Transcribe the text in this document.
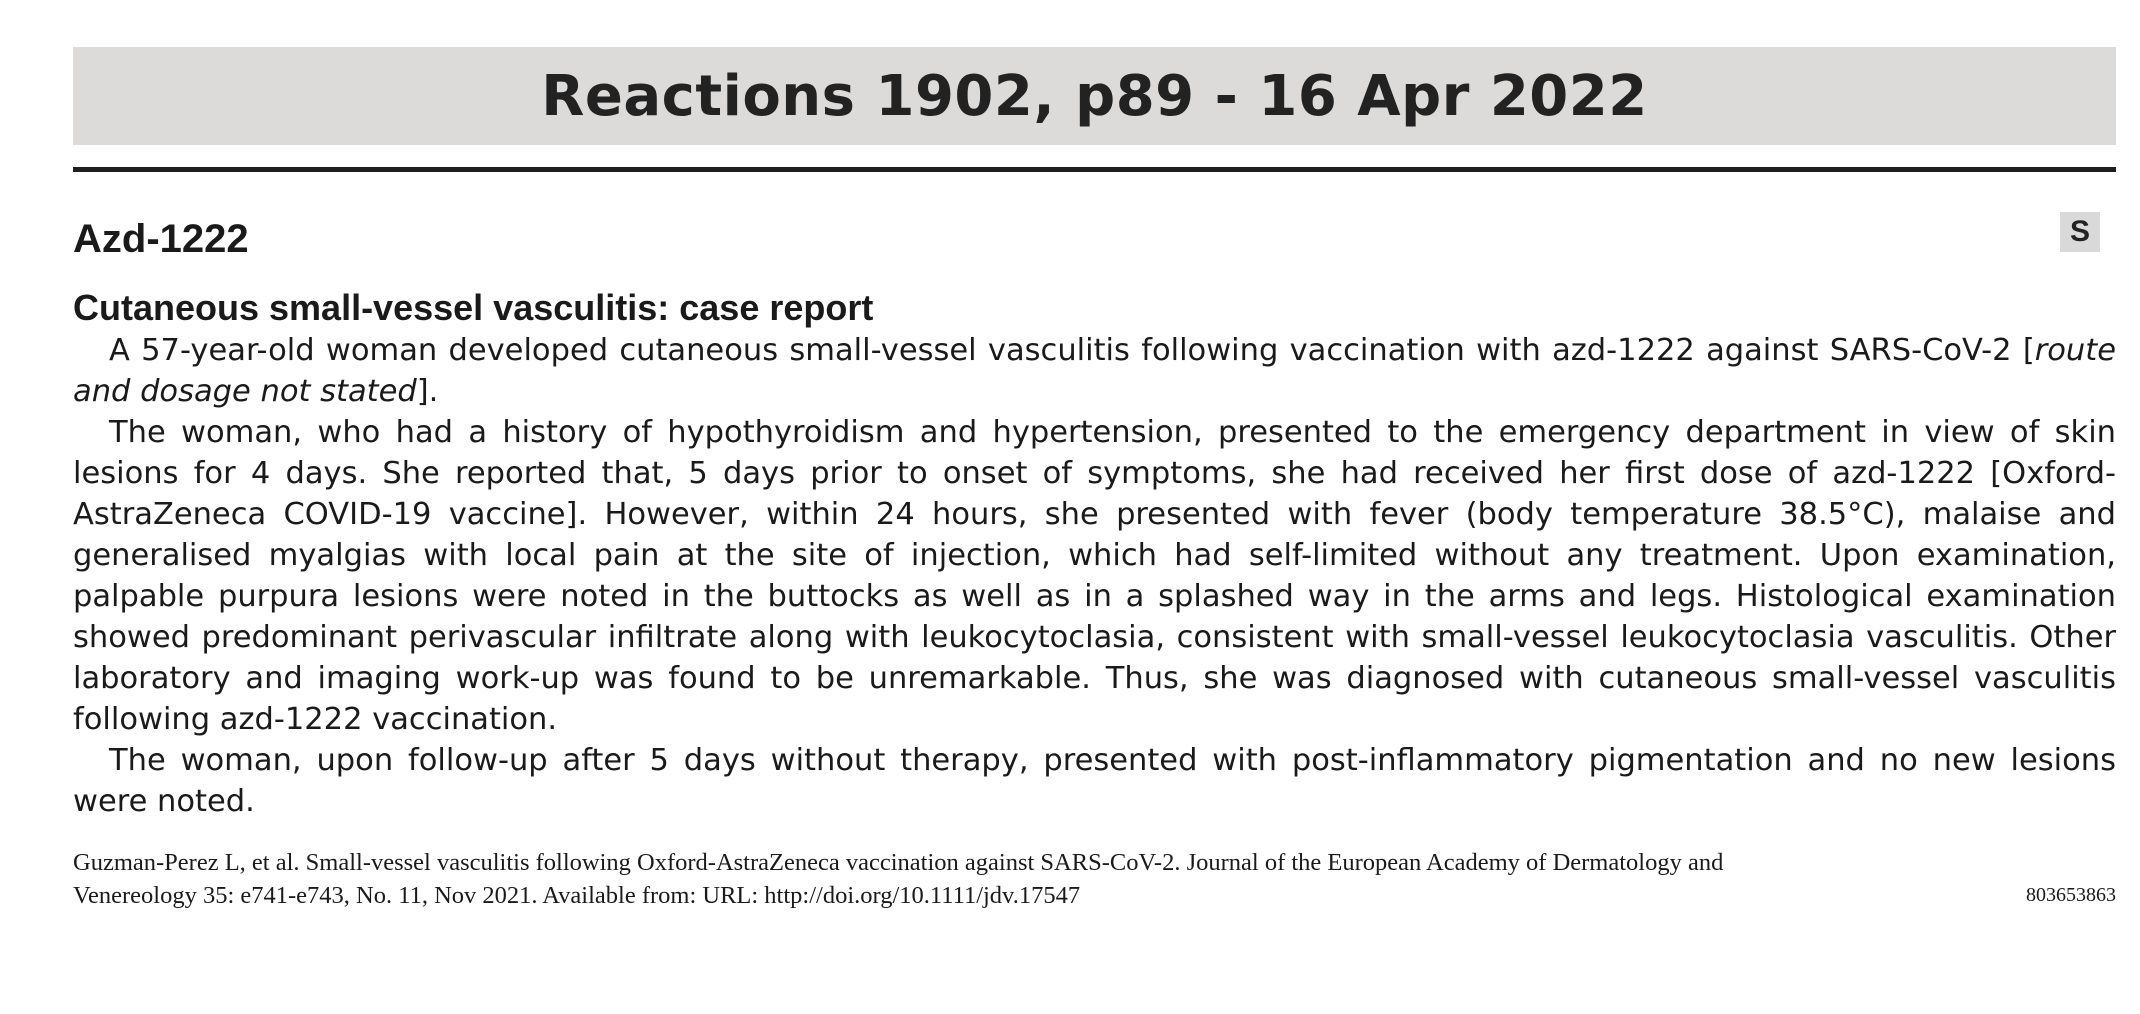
Reactions 1902, p89 - 16 Apr 2022
Azd-1222	S
Cutaneous small-vessel vasculitis: case report

A 57-year-old woman developed cutaneous small-vessel vasculitis following vaccination with azd-1222 against SARS-CoV-2 [route and dosage not stated].

The woman, who had a history of hypothyroidism and hypertension, presented to the emergency department in view of skin lesions for 4 days. She reported that, 5 days prior to onset of symptoms, she had received her first dose of azd-1222 [Oxford-AstraZeneca COVID-19 vaccine]. However, within 24 hours, she presented with fever (body temperature 38.5°C), malaise and generalised myalgias with local pain at the site of injection, which had self-limited without any treatment. Upon examination, palpable purpura lesions were noted in the buttocks as well as in a splashed way in the arms and legs. Histological examination showed predominant perivascular infiltrate along with leukocytoclasia, consistent with small-vessel leukocytoclasia vasculitis. Other laboratory and imaging work-up was found to be unremarkable. Thus, she was diagnosed with cutaneous small-vessel vasculitis following azd-1222 vaccination.

The woman, upon follow-up after 5 days without therapy, presented with post-inflammatory pigmentation and no new lesions were noted.

Guzman-Perez L, et al. Small-vessel vasculitis following Oxford-AstraZeneca vaccination against SARS-CoV-2. Journal of the European Academy of Dermatology and
Venereology 35: e741-e743, No. 11, Nov 2021. Available from: URL: http://doi.org/10.1111/jdv.17547	803653863
